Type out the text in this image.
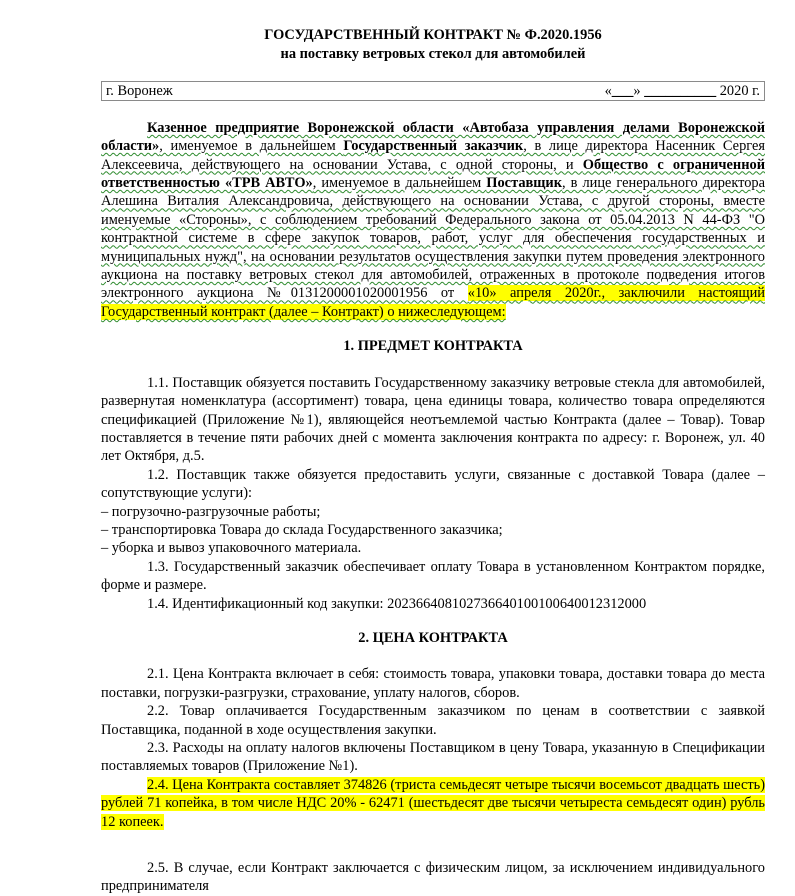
ГОСУДАРСТВЕННЫЙ КОНТРАКТ № Ф.2020.1956
на поставку ветровых стекол для автомобилей
г. Воронеж	«___» __________ 2020 г.

Казенное предприятие Воронежской области «Автобаза управления делами Воронежской области», именуемое в дальнейшем Государственный заказчик, в лице директора Насенник Сергея Алексеевича, действующего на основании Устава, с одной стороны, и Общество с ограниченной ответственностью «ТРВ АВТО», именуемое в дальнейшем Поставщик, в лице генерального директора Алешина Виталия Александровича, действующего на основании Устава, с другой стороны, вместе именуемые «Стороны», с соблюдением требований Федерального закона от 05.04.2013 N 44-ФЗ "О контрактной системе в сфере закупок товаров, работ, услуг для обеспечения государственных и муниципальных нужд", на основании результатов осуществления закупки путем проведения электронного аукциона на поставку ветровых стекол для автомобилей, отраженных в протоколе подведения итогов электронного аукциона №0131200001020001956 от «10» апреля 2020г., заключили настоящий Государственный контракт (далее – Контракт) о нижеследующем:

1. ПРЕДМЕТ КОНТРАКТА

1.1. Поставщик обязуется поставить Государственному заказчику ветровые стекла для автомобилей, развернутая номенклатура (ассортимент) товара, цена единицы товара, количество товара определяются спецификацией (Приложение №1), являющейся неотъемлемой частью Контракта (далее – Товар). Товар поставляется в течение пяти рабочих дней с момента заключения контракта по адресу: г. Воронеж, ул. 40 лет Октября, д.5.

1.2. Поставщик также обязуется предоставить услуги, связанные с доставкой Товара (далее – сопутствующие услуги):

– погрузочно-разгрузочные работы;

– транспортировка Товара до склада Государственного заказчика;

– уборка и вывоз упаковочного материала.

1.3. Государственный заказчик обеспечивает оплату Товара в установленном Контрактом порядке, форме и размере.

1.4. Идентификационный код закупки: 202366408102736640100100640012312000

2. ЦЕНА КОНТРАКТА

2.1. Цена Контракта включает в себя: стоимость товара, упаковки товара, доставки товара до места поставки, погрузки-разгрузки, страхование, уплату налогов, сборов.

2.2. Товар оплачивается Государственным заказчиком по ценам в соответствии с заявкой Поставщика, поданной в ходе осуществления закупки.

2.3. Расходы на оплату налогов включены Поставщиком в цену Товара, указанную в Спецификации поставляемых товаров (Приложение №1).

2.4. Цена Контракта составляет 374826 (триста семьдесят четыре тысячи восемьсот двадцать шесть) рублей 71 копейка, в том числе НДС 20% - 62471 (шестьдесят две тысячи четыреста семьдесят один) рубль 12 копеек.

2.5. В случае, если Контракт заключается с физическим лицом, за исключением индивидуального предпринимателя
